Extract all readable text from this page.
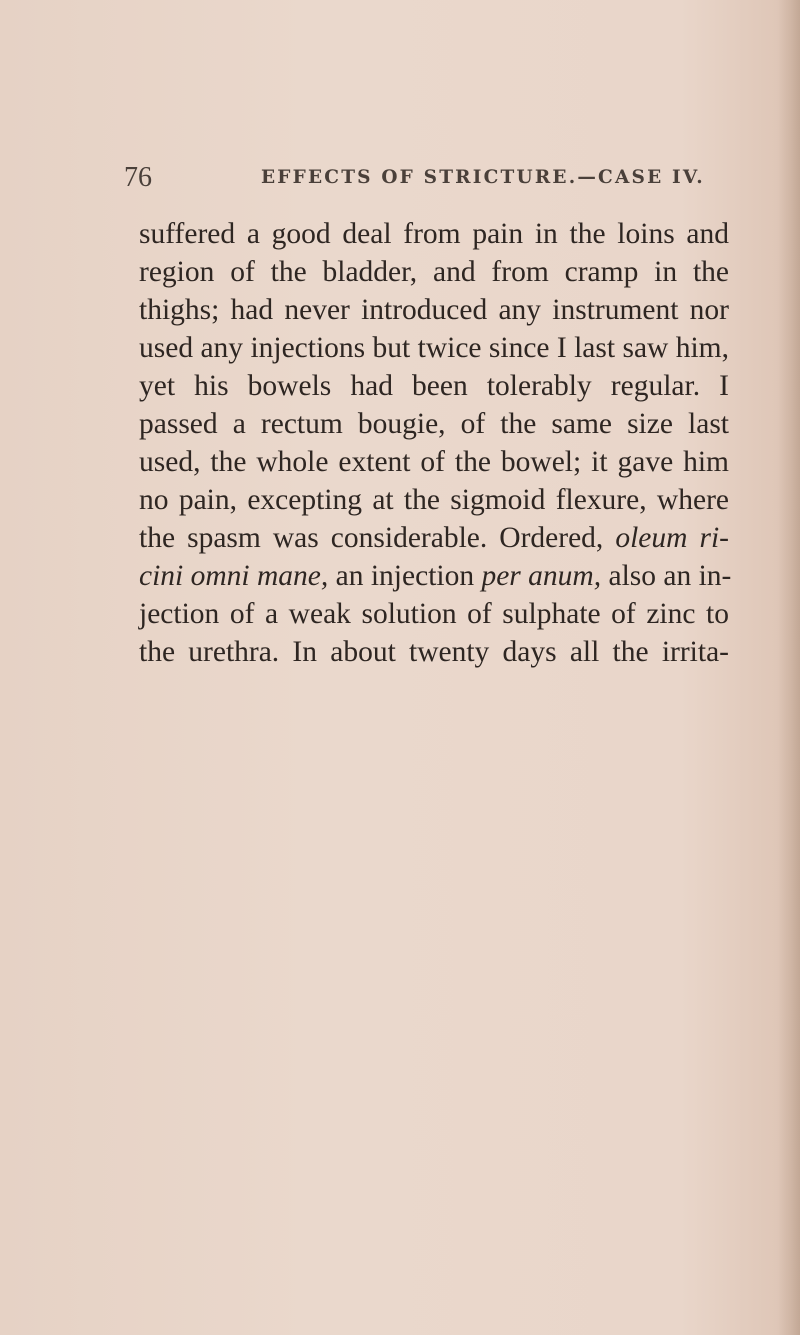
76	EFFECTS OF STRICTURE.—CASE IV.
suffered a good deal from pain in the loins and
region of the bladder, and from cramp in the
thighs; had never introduced any instrument nor
used any injections but twice since I last saw him,
yet his bowels had been tolerably regular. I
passed a rectum bougie, of the same size last
used, the whole extent of the bowel; it gave him
no pain, excepting at the sigmoid flexure, where
the spasm was considerable. Ordered, oleum ri-
cini omni mane, an injection per anum, also an in-
jection of a weak solution of sulphate of zinc to
the urethra. In about twenty days all the irrita-
